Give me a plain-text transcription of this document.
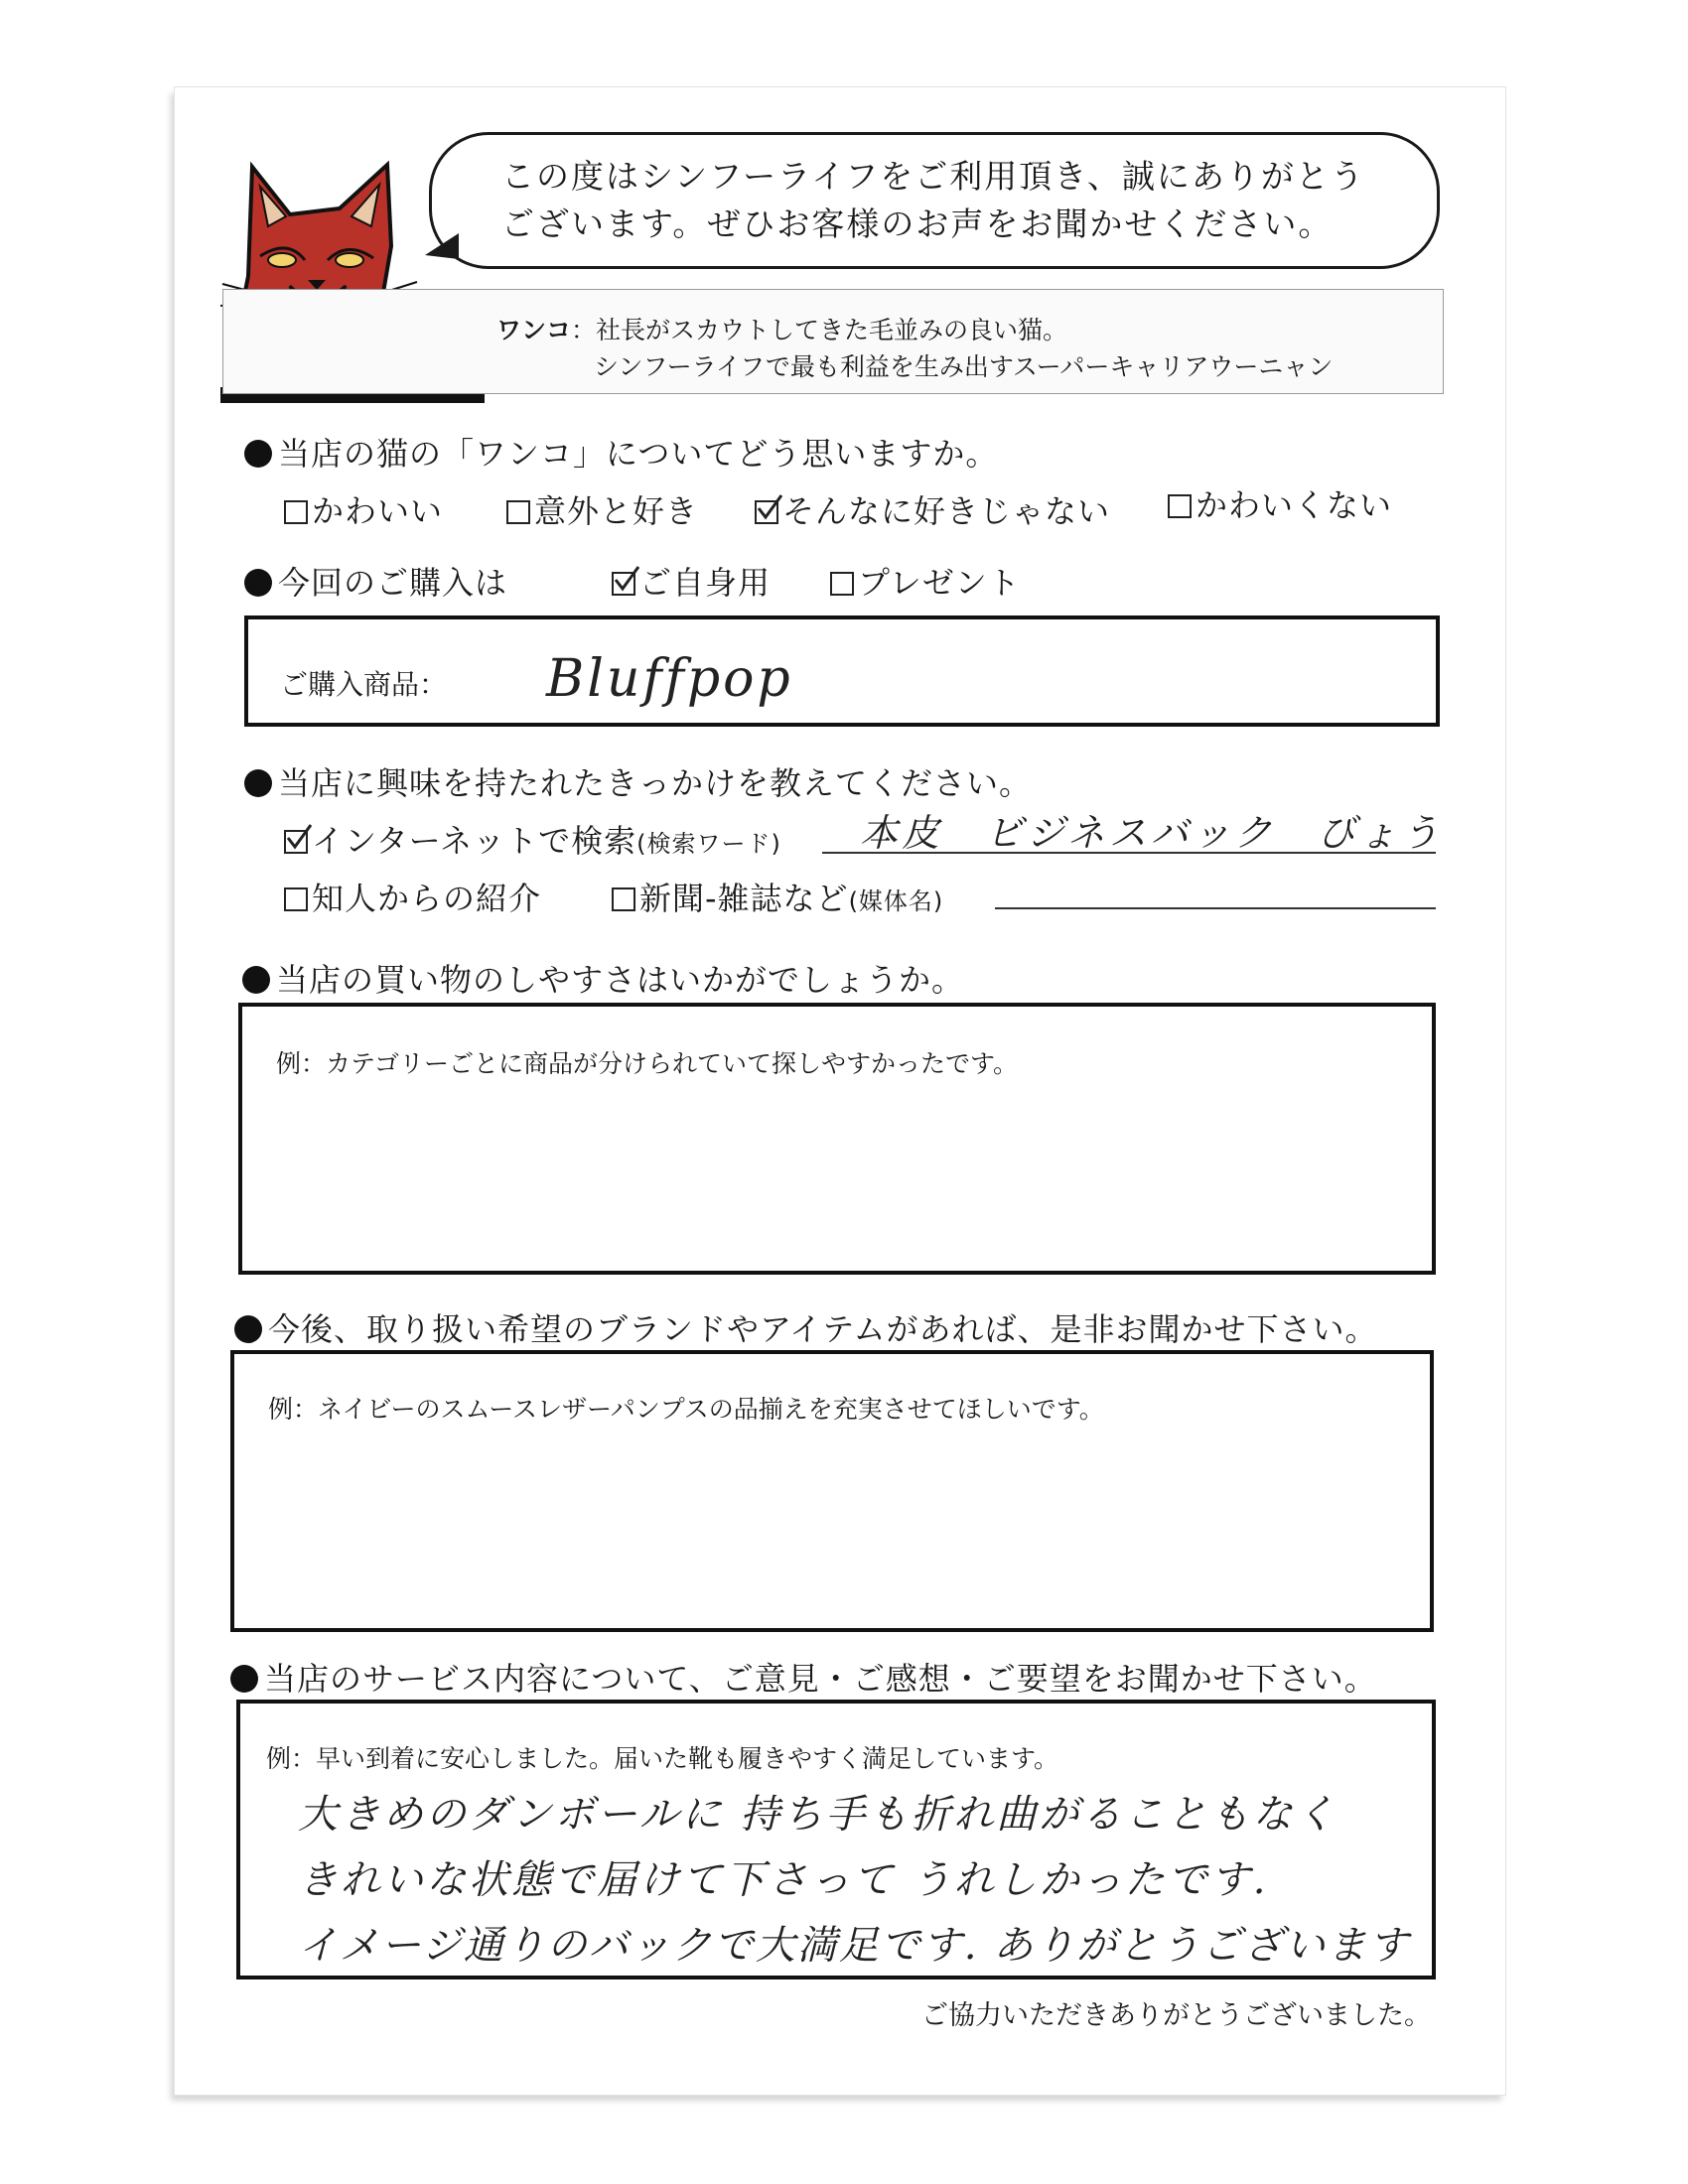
この度はシンフーライフをご利用頂き、誠にありがとう
ございます。ぜひお客様のお声をお聞かせください。
ワンコ：社長がスカウトしてきた毛並みの良い猫。
シンフーライフで最も利益を生み出すスーパーキャリアウーニャン
当店の猫の「ワンコ」についてどう思いますか。
かわいい	意外と好き	そんなに好きじゃない	かわいくない
今回のご購入は	ご自身用	プレゼント
ご購入商品： Bluffpop
当店に興味を持たれたきっかけを教えてください。
インターネットで検索(検索ワード) 本皮　ビジネスバック　びょう
知人からの紹介	新聞-雑誌など(媒体名)
当店の買い物のしやすさはいかがでしょうか。
例：カテゴリーごとに商品が分けられていて探しやすかったです。
今後、取り扱い希望のブランドやアイテムがあれば、是非お聞かせ下さい。
例：ネイビーのスムースレザーパンプスの品揃えを充実させてほしいです。
当店のサービス内容について、ご意見・ご感想・ご要望をお聞かせ下さい。
例：早い到着に安心しました。届いた靴も履きやすく満足しています。
大きめのダンボールに 持ち手も折れ曲がることもなく
きれいな状態で届けて下さって うれしかったです.
イメージ通りのバックで大満足です. ありがとうございます
ご協力いただきありがとうございました。
